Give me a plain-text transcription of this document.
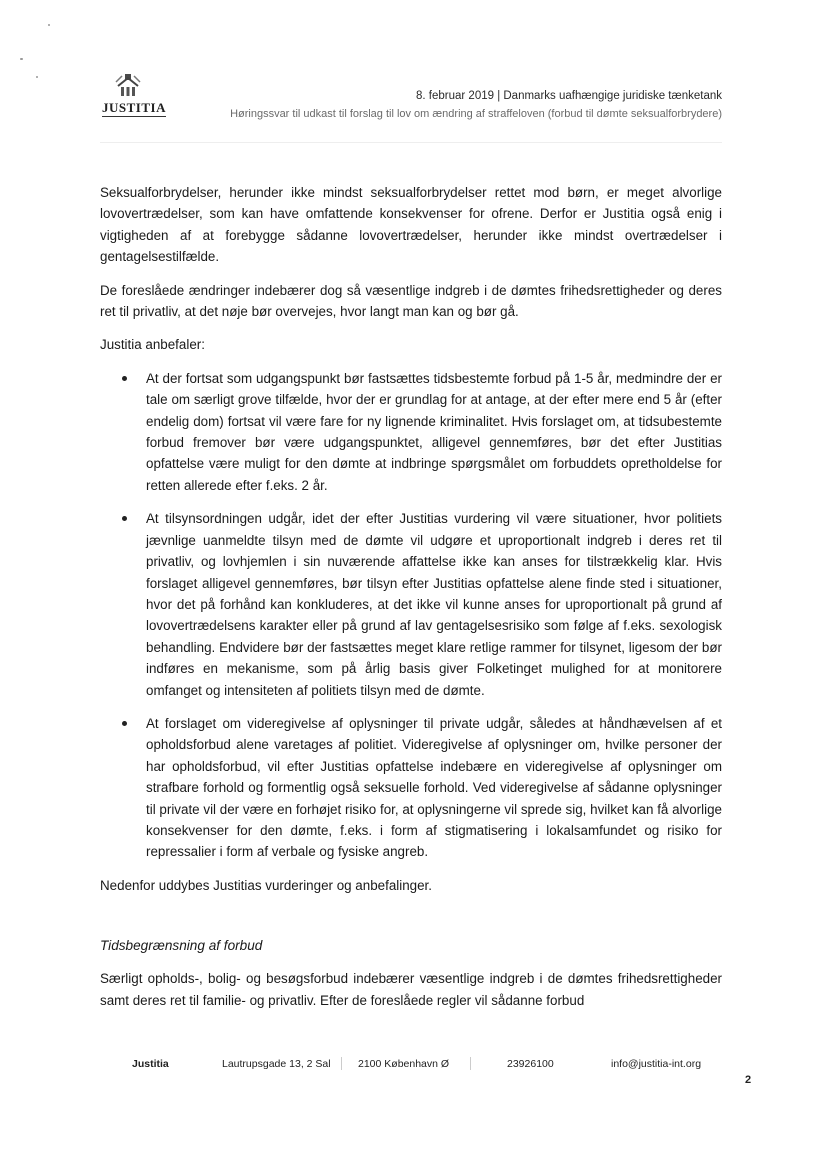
JUSTITIA
8. februar 2019 | Danmarks uafhængige juridiske tænketank
Høringssvar til udkast til forslag til lov om ændring af straffeloven (forbud til dømte seksualforbrydere)

Seksualforbrydelser, herunder ikke mindst seksualforbrydelser rettet mod børn, er meget alvorlige lovovertrædelser, som kan have omfattende konsekvenser for ofrene. Derfor er Justitia også enig i vigtigheden af at forebygge sådanne lovovertrædelser, herunder ikke mindst overtrædelser i gentagelsestilfælde.

De foreslåede ændringer indebærer dog så væsentlige indgreb i de dømtes frihedsrettigheder og deres ret til privatliv, at det nøje bør overvejes, hvor langt man kan og bør gå.

Justitia anbefaler:

At der fortsat som udgangspunkt bør fastsættes tidsbestemte forbud på 1-5 år, medmindre der er tale om særligt grove tilfælde, hvor der er grundlag for at antage, at der efter mere end 5 år (efter endelig dom) fortsat vil være fare for ny lignende kriminalitet. Hvis forslaget om, at tidsubestemte forbud fremover bør være udgangspunktet, alligevel gennemføres, bør det efter Justitias opfattelse være muligt for den dømte at indbringe spørgsmålet om forbuddets opretholdelse for retten allerede efter f.eks. 2 år.

At tilsynsordningen udgår, idet der efter Justitias vurdering vil være situationer, hvor politiets jævnlige uanmeldte tilsyn med de dømte vil udgøre et uproportionalt indgreb i deres ret til privatliv, og lovhjemlen i sin nuværende affattelse ikke kan anses for tilstrækkelig klar. Hvis forslaget alligevel gennemføres, bør tilsyn efter Justitias opfattelse alene finde sted i situationer, hvor det på forhånd kan konkluderes, at det ikke vil kunne anses for uproportionalt på grund af lovovertrædelsens karakter eller på grund af lav gentagelsesrisiko som følge af f.eks. sexologisk behandling. Endvidere bør der fastsættes meget klare retlige rammer for tilsynet, ligesom der bør indføres en mekanisme, som på årlig basis giver Folketinget mulighed for at monitorere omfanget og intensiteten af politiets tilsyn med de dømte.

At forslaget om videregivelse af oplysninger til private udgår, således at håndhævelsen af et opholdsforbud alene varetages af politiet. Videregivelse af oplysninger om, hvilke personer der har opholdsforbud, vil efter Justitias opfattelse indebære en videregivelse af oplysninger om strafbare forhold og formentlig også seksuelle forhold. Ved videregivelse af sådanne oplysninger til private vil der være en forhøjet risiko for, at oplysningerne vil sprede sig, hvilket kan få alvorlige konsekvenser for den dømte, f.eks. i form af stigmatisering i lokalsamfundet og risiko for repressalier i form af verbale og fysiske angreb.

Nedenfor uddybes Justitias vurderinger og anbefalinger.

Tidsbegrænsning af forbud

Særligt opholds-, bolig- og besøgsforbud indebærer væsentlige indgreb i de dømtes frihedsrettigheder samt deres ret til familie- og privatliv. Efter de foreslåede regler vil sådanne forbud

Justitia	Lautrupsgade 13, 2 Sal	2100 København Ø	23926100	info@justitia-int.org
2
